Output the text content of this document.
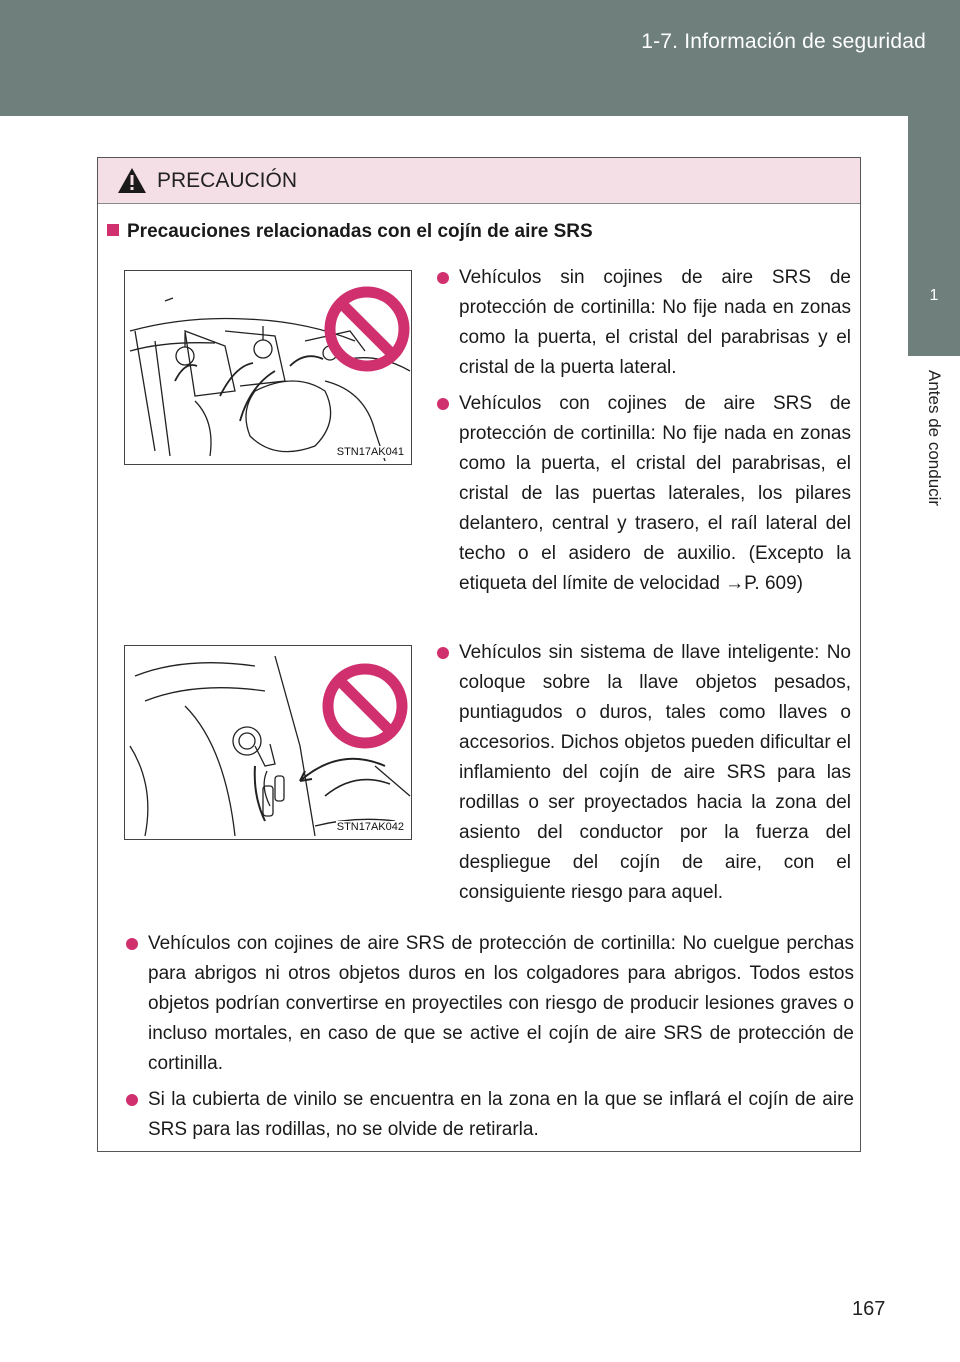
1-7. Información de seguridad
1
Antes de conducir
PRECAUCIÓN
Precauciones relacionadas con el cojín de aire SRS
STN17AK041
Vehículos sin cojines de aire SRS de protección de cortinilla: No fije nada en zonas como la puerta, el cristal del parabrisas y el cristal de la puerta lateral.
Vehículos con cojines de aire SRS de protección de cortinilla: No fije nada en zonas como la puerta, el cristal del parabrisas, el cristal de las puertas laterales, los pilares delantero, central y trasero, el raíl lateral del techo o el asidero de auxilio. (Excepto la etiqueta del límite de velocidad →P. 609)
STN17AK042
Vehículos sin sistema de llave inteligente: No coloque sobre la llave objetos pesados, puntiagudos o duros, tales como llaves o accesorios. Dichos objetos pueden dificultar el inflamiento del cojín de aire SRS para las rodillas o ser proyectados hacia la zona del asiento del conductor por la fuerza del despliegue del cojín de aire, con el consiguiente riesgo para aquel.
Vehículos con cojines de aire SRS de protección de cortinilla: No cuelgue perchas para abrigos ni otros objetos duros en los colgadores para abrigos. Todos estos objetos podrían convertirse en proyectiles con riesgo de producir lesiones graves o incluso mortales, en caso de que se active el cojín de aire SRS de protección de cortinilla.
Si la cubierta de vinilo se encuentra en la zona en la que se inflará el cojín de aire SRS para las rodillas, no se olvide de retirarla.
167
